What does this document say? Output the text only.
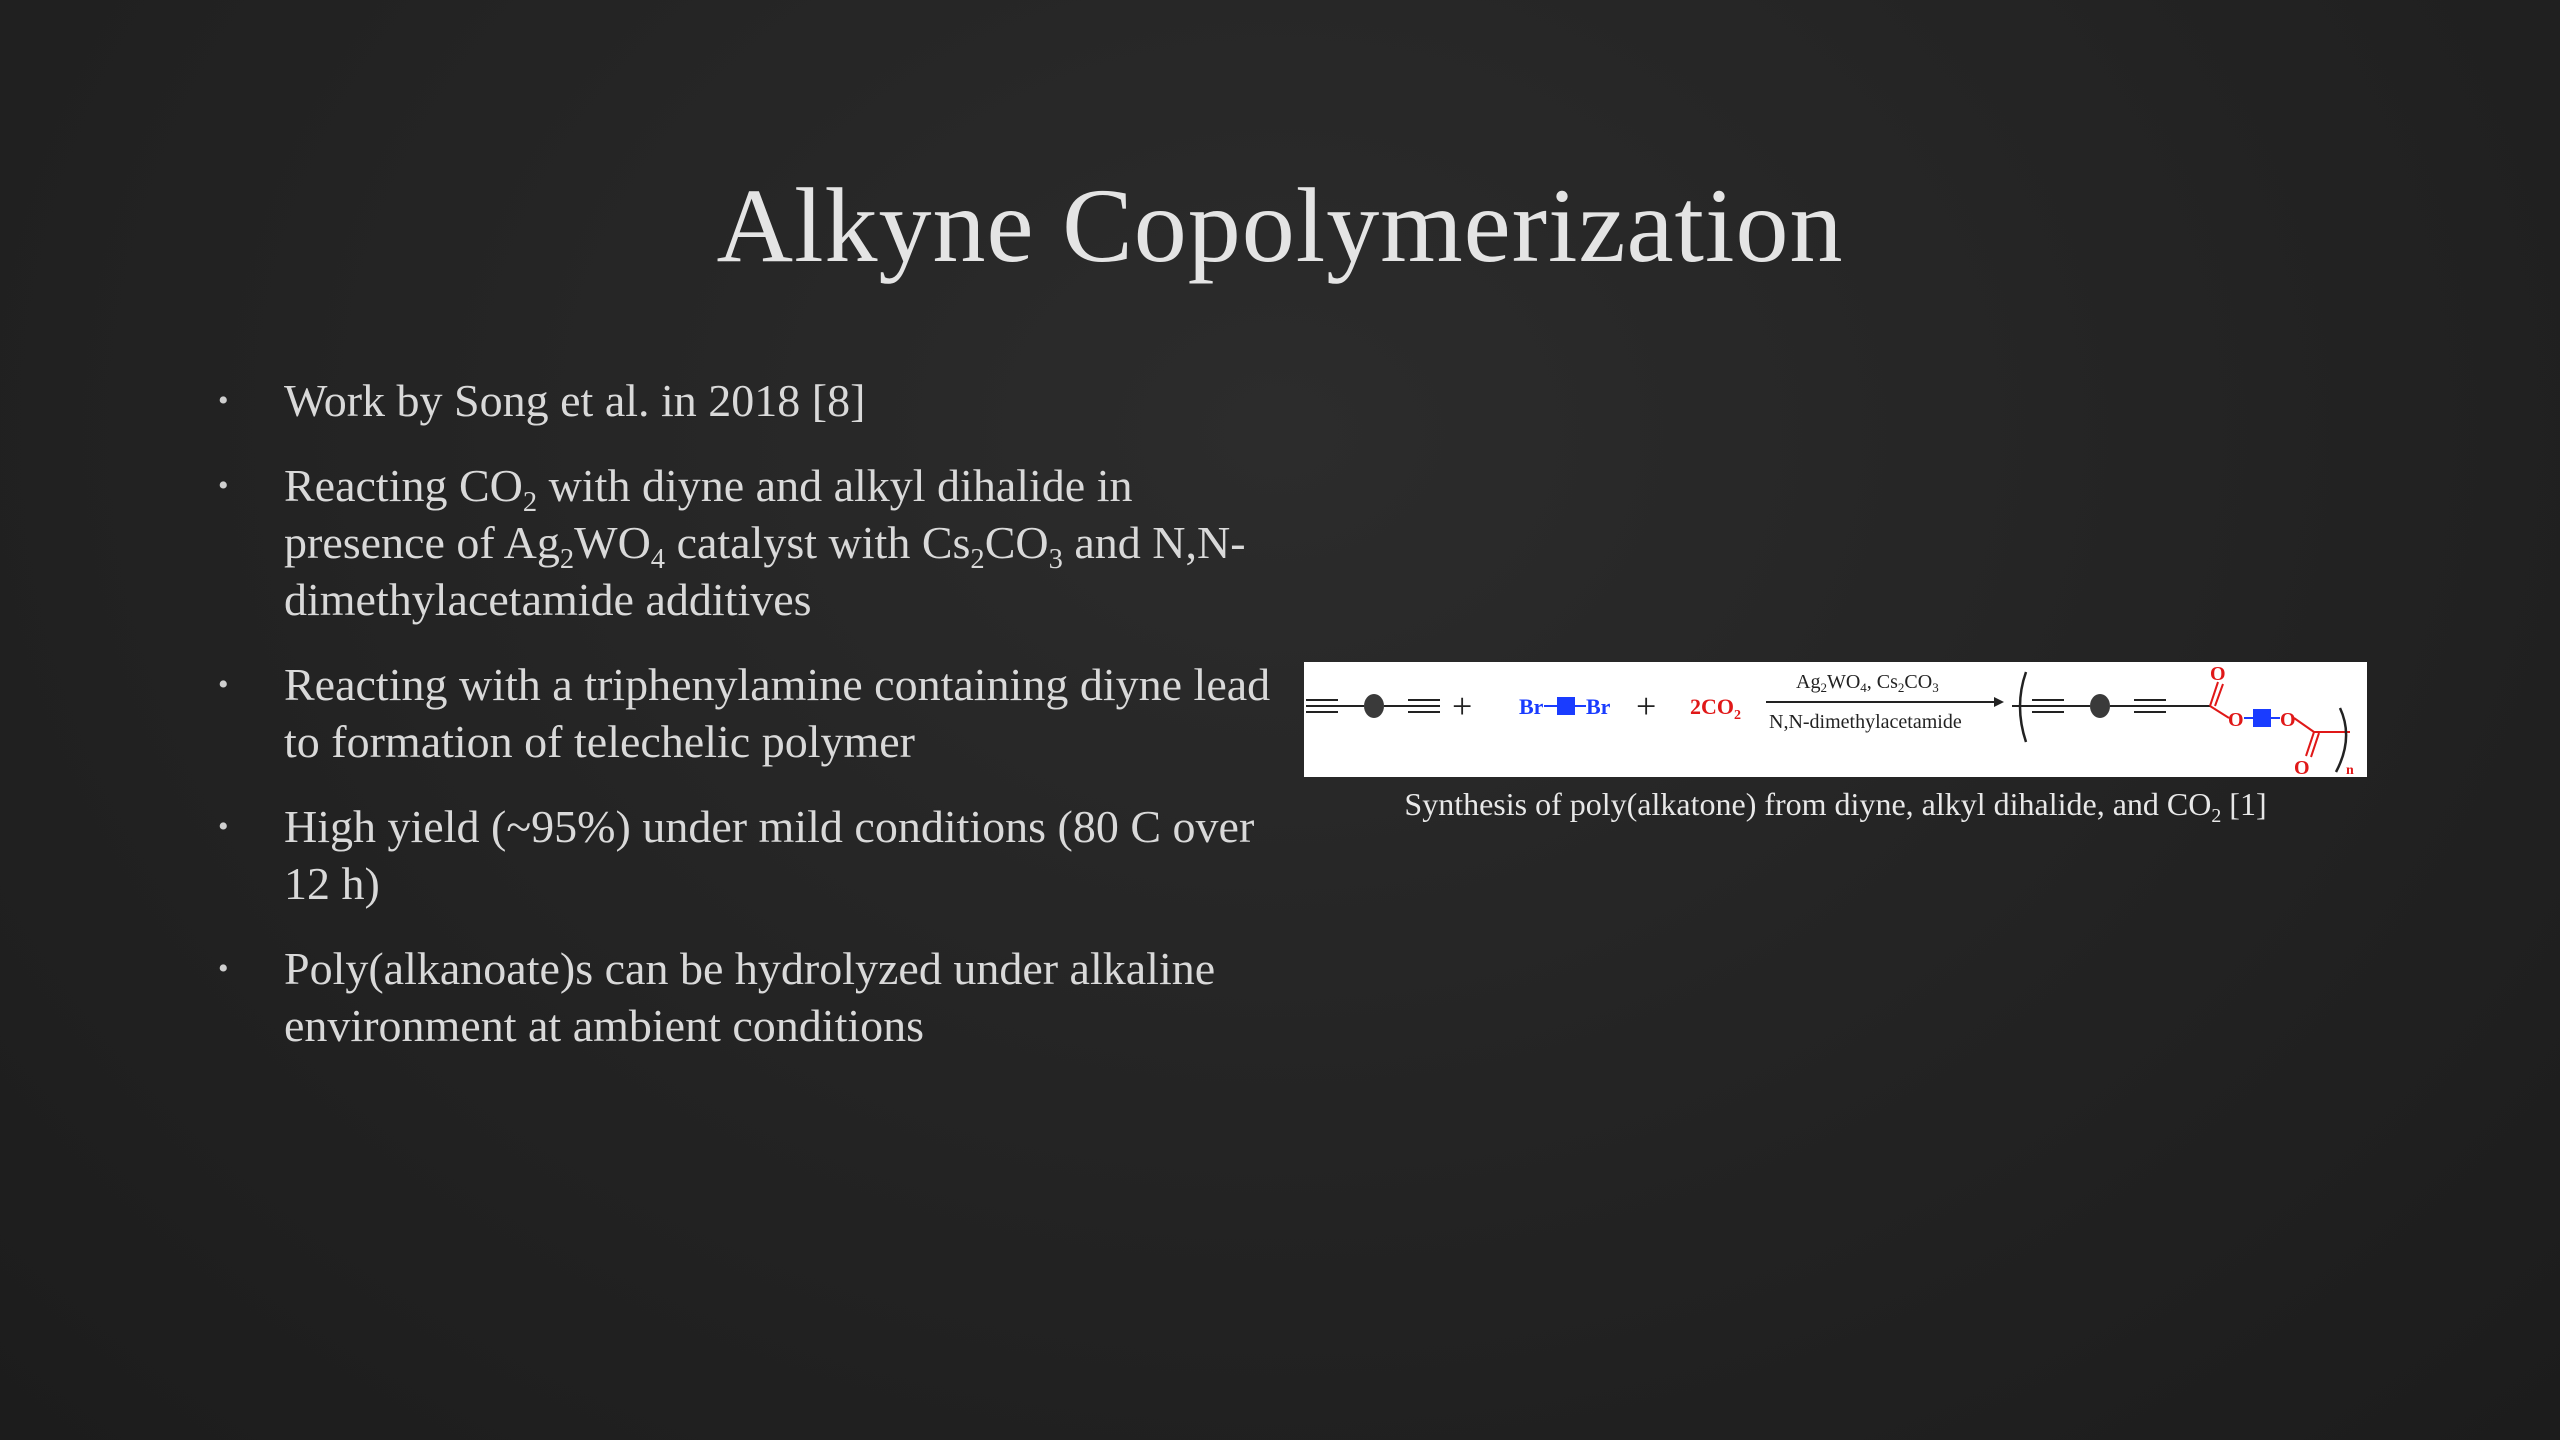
Alkyne Copolymerization
• Work by Song et al. in 2018 [8]
• Reacting $CO_2$ with diyne and alkyl dihalide in presence of $Ag_2WO_4$ catalyst with $Cs_2CO_3$ and N,N-dimethylacetamide additives
• Reacting with a triphenylamine containing diyne lead to formation of telechelic polymer
• High yield (~95%) under mild conditions (80 C over 12 h)
• Poly(alkanoate)s can be hydrolyzed under alkaline environment at ambient conditions
+ Br $Br + 2CO_2$
$Ag_2WO_4$, $Cs_2CO_3$
N,N-dimethylacetamide
O
O O
O	n
Synthesis of poly(alkatone) from diyne, alkyl dihalide, and $CO_2$ [1]
